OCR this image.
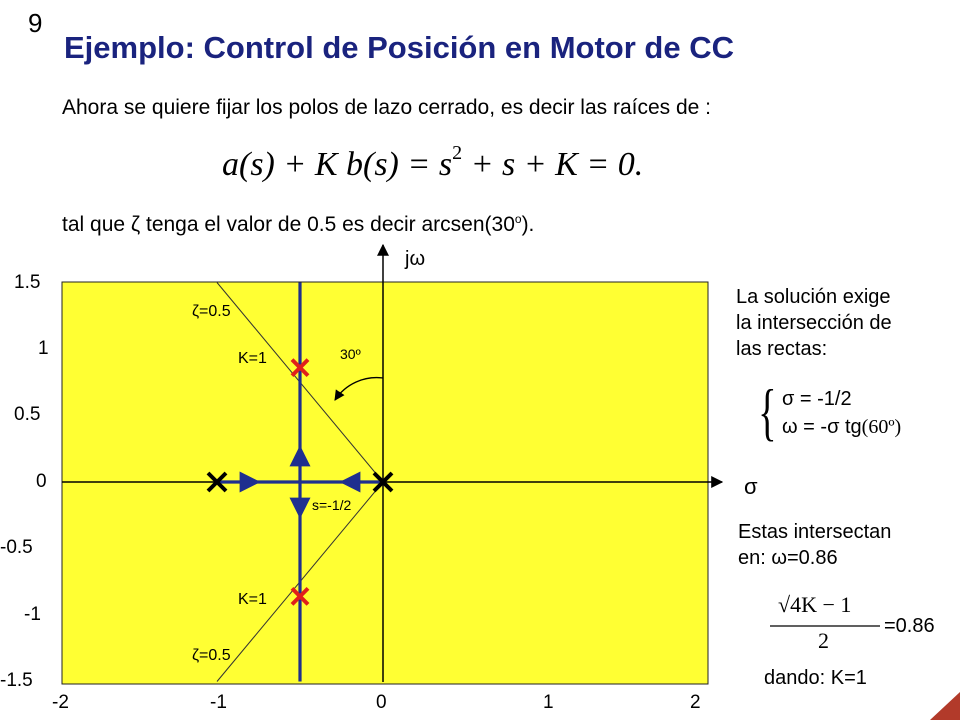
9
Ejemplo: Control de Posición en Motor de CC
Ahora se quiere fijar los polos de lazo cerrado, es decir las raíces de :
a(s) + K $b(s) = s^2 + s + K = 0$.
tal que ζ tenga el valor de 0.5 es decir arcsen(30$^o$).
1.5
1
0.5
0
-0.5
-1
-1.5
-2	-1	0	1	2
jω
σ
ζ=0.5
ζ=0.5
K=1
K=1
30º
s=-1/2
La solución exige
la intersección de
las rectas:
{ σ = -1/2
ω = -σ tg(60º)
Estas intersectan
en: ω=0.86
√4K − 1
2
=0.86
dando: K=1
